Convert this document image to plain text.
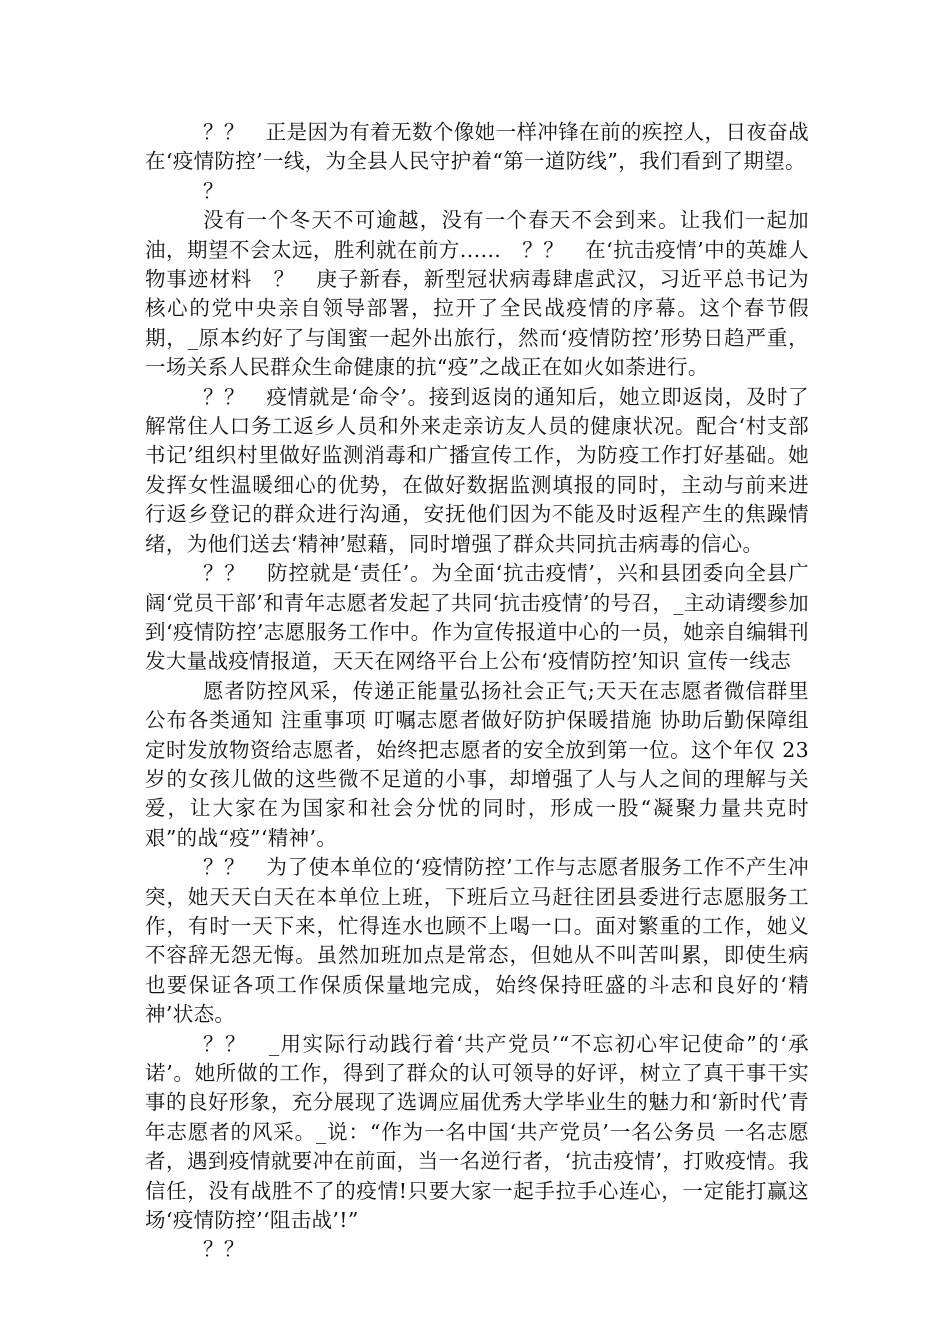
？？　正是因为有着无数个像她一样冲锋在前的疾控人，日夜奋战在‘疫情防控’一线，为全县人民守护着“第一道防线”，我们看到了期望。

？

没有一个冬天不可逾越，没有一个春天不会到来。让我们一起加油，期望不会太远，胜利就在前方......　？？　在‘抗击疫情’中的英雄人物事迹材料　？　庚子新春，新型冠状病毒肆虐武汉，习近平总书记为核心的党中央亲自领导部署，拉开了全民战疫情的序幕。这个春节假期，_原本约好了与闺蜜一起外出旅行，然而‘疫情防控’形势日趋严重，一场关系人民群众生命健康的抗“疫”之战正在如火如荼进行。

？？　疫情就是‘命令’。接到返岗的通知后，她立即返岗，及时了解常住人口务工返乡人员和外来走亲访友人员的健康状况。配合‘村支部书记’组织村里做好监测消毒和广播宣传工作，为防疫工作打好基础。她发挥女性温暖细心的优势，在做好数据监测填报的同时，主动与前来进行返乡登记的群众进行沟通，安抚他们因为不能及时返程产生的焦躁情绪，为他们送去‘精神’慰藉，同时增强了群众共同抗击病毒的信心。

？？　防控就是‘责任’。为全面‘抗击疫情’，兴和县团委向全县广阔‘党员干部’和青年志愿者发起了共同‘抗击疫情’的号召，_主动请缨参加到‘疫情防控’志愿服务工作中。作为宣传报道中心的一员，她亲自编辑刊发大量战疫情报道，天天在网络平台上公布‘疫情防控’知识 宣传一线志

愿者防控风采，传递正能量弘扬社会正气;天天在志愿者微信群里公布各类通知 注重事项 叮嘱志愿者做好防护保暖措施 协助后勤保障组定时发放物资给志愿者，始终把志愿者的安全放到第一位。这个年仅 23 岁的女孩儿做的这些微不足道的小事，却增强了人与人之间的理解与关爱，让大家在为国家和社会分忧的同时，形成一股“凝聚力量共克时艰”的战“疫”‘精神’。

？？　为了使本单位的‘疫情防控’工作与志愿者服务工作不产生冲突，她天天白天在本单位上班，下班后立马赶往团县委进行志愿服务工作，有时一天下来，忙得连水也顾不上喝一口。面对繁重的工作，她义不容辞无怨无悔。虽然加班加点是常态，但她从不叫苦叫累，即使生病也要保证各项工作保质保量地完成，始终保持旺盛的斗志和良好的‘精神’状态。

？？　_用实际行动践行着‘共产党员’“不忘初心牢记使命”的‘承诺’。她所做的工作，得到了群众的认可领导的好评，树立了真干事干实事的良好形象，充分展现了选调应届优秀大学毕业生的魅力和‘新时代’青年志愿者的风采。_说：“作为一名中国‘共产党员’一名公务员 一名志愿者，遇到疫情就要冲在前面，当一名逆行者，‘抗击疫情’，打败疫情。我信任，没有战胜不了的疫情!只要大家一起手拉手心连心，一定能打赢这场‘疫情防控’‘阻击战’!”

？？
